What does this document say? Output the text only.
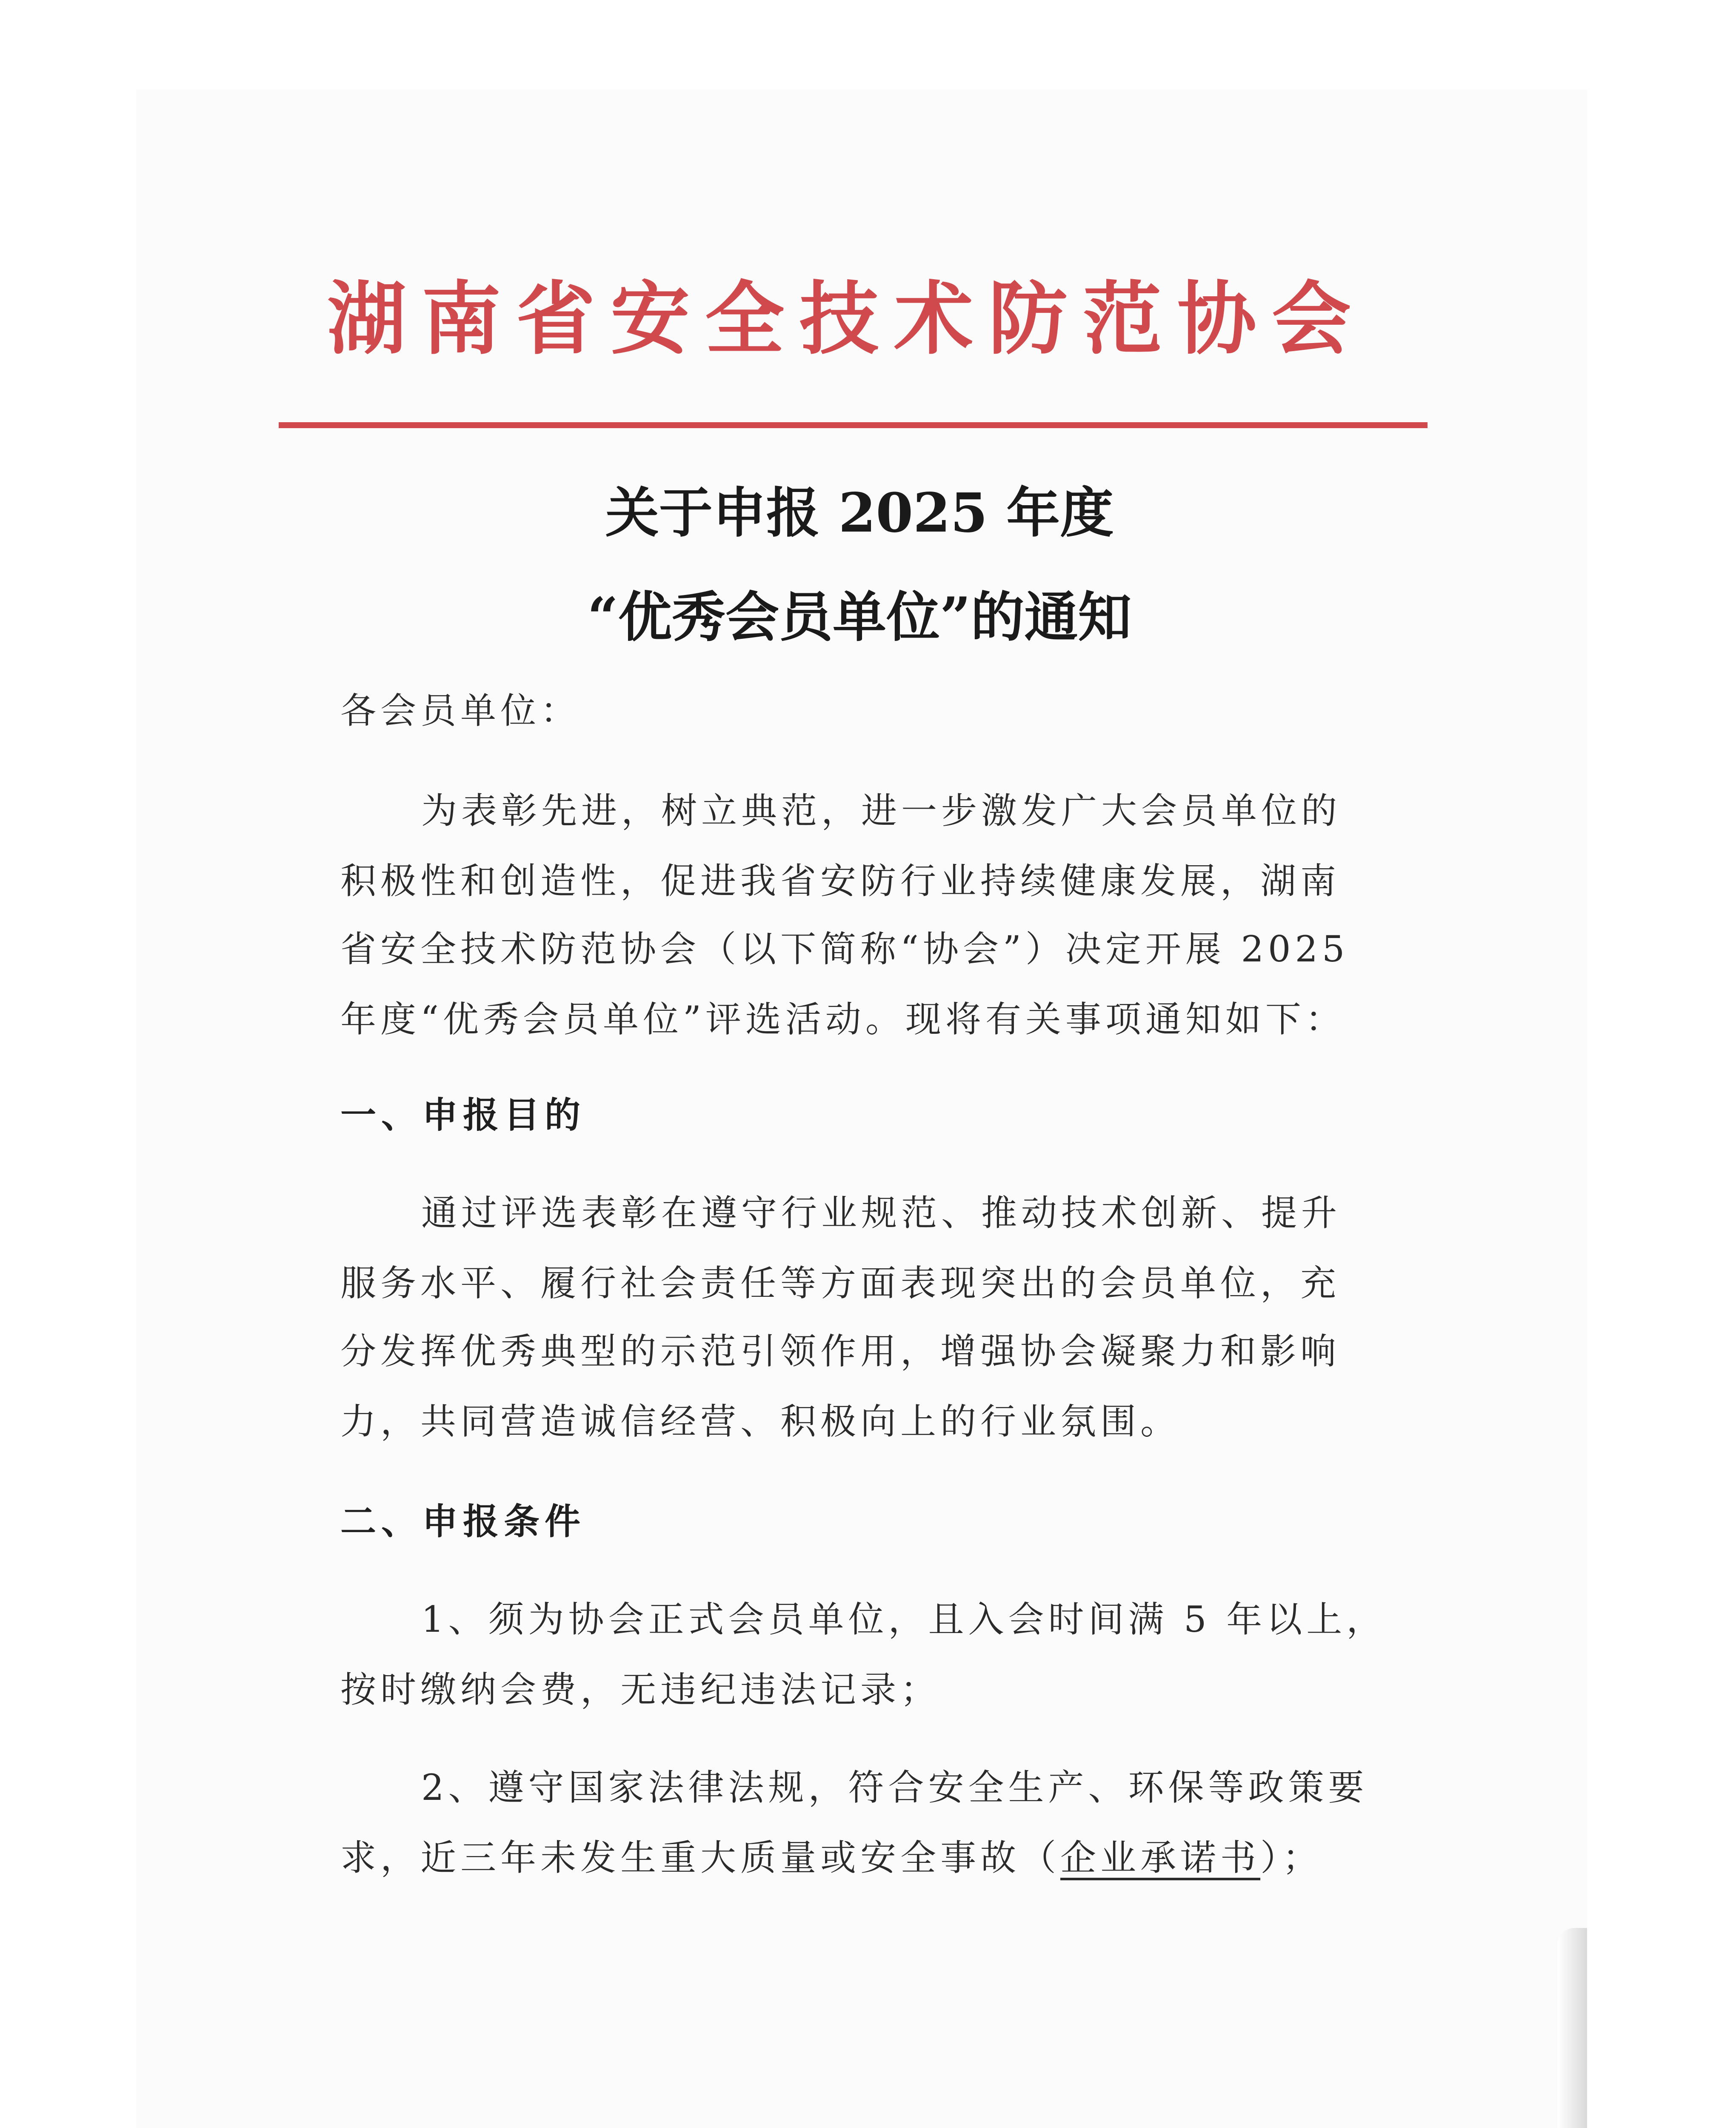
湖南省安全技术防范协会
关于申报 2025 年度
“优秀会员单位”的通知
各会员单位：
为表彰先进，树立典范，进一步激发广大会员单位的
积极性和创造性，促进我省安防行业持续健康发展，湖南
省安全技术防范协会（以下简称“协会”）决定开展 2025
年度“优秀会员单位”评选活动。现将有关事项通知如下：
一、申报目的
通过评选表彰在遵守行业规范、推动技术创新、提升
服务水平、履行社会责任等方面表现突出的会员单位，充
分发挥优秀典型的示范引领作用，增强协会凝聚力和影响
力，共同营造诚信经营、积极向上的行业氛围。
二、申报条件
1、须为协会正式会员单位，且入会时间满 5 年以上，
按时缴纳会费，无违纪违法记录；
2、遵守国家法律法规，符合安全生产、环保等政策要
求，近三年未发生重大质量或安全事故（企业承诺书）；
